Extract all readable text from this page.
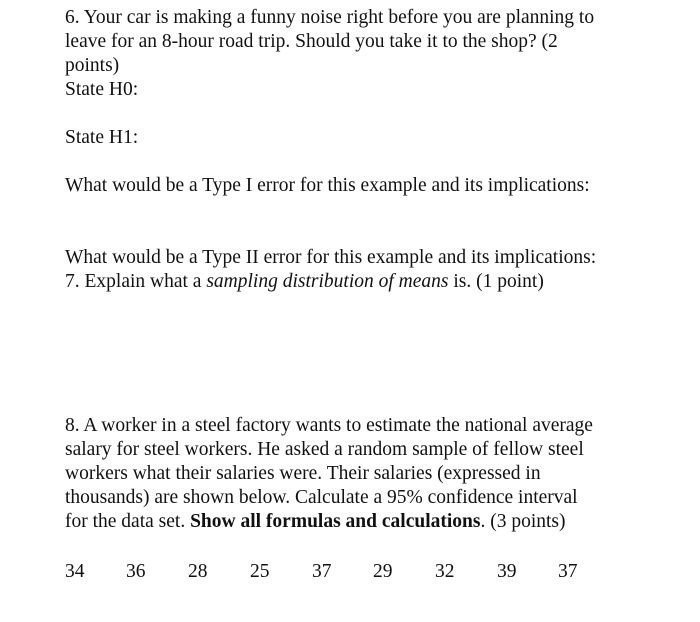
6. Your car is making a funny noise right before you are planning to
leave for an 8-hour road trip. Should you take it to the shop? (2
points)
State H0:
State H1:
What would be a Type I error for this example and its implications:
What would be a Type II error for this example and its implications:
7. Explain what a sampling distribution of means is. (1 point)
8. A worker in a steel factory wants to estimate the national average
salary for steel workers. He asked a random sample of fellow steel
workers what their salaries were. Their salaries (expressed in
thousands) are shown below. Calculate a 95% confidence interval
for the data set. Show all formulas and calculations. (3 points)
34 36 28 25 37 29 32 39 37
